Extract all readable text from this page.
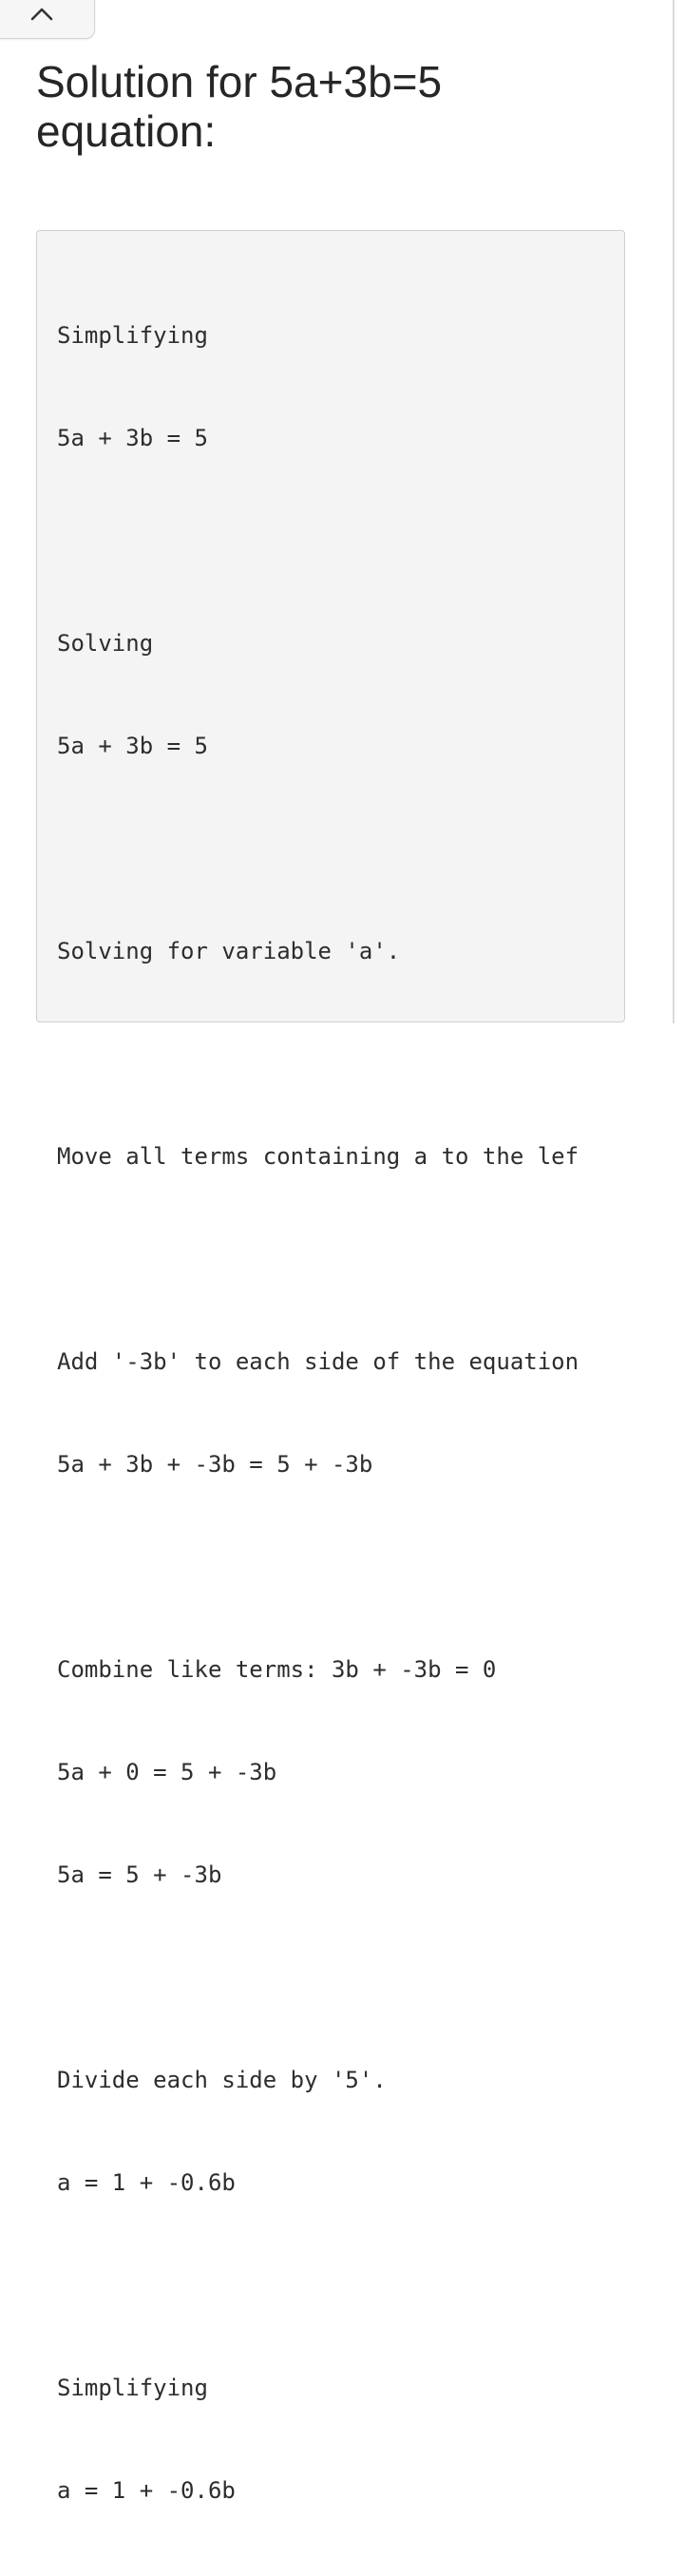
Solution for 5a+3b=5 equation:

Simplifying

5a + 3b = 5

Solving

5a + 3b = 5

Solving for variable 'a'.

Move all terms containing a to the lef

Add '-3b' to each side of the equation

5a + 3b + -3b = 5 + -3b

Combine like terms: 3b + -3b = 0

5a + 0 = 5 + -3b

5a = 5 + -3b

Divide each side by '5'.

a = 1 + -0.6b

Simplifying

a = 1 + -0.6b
